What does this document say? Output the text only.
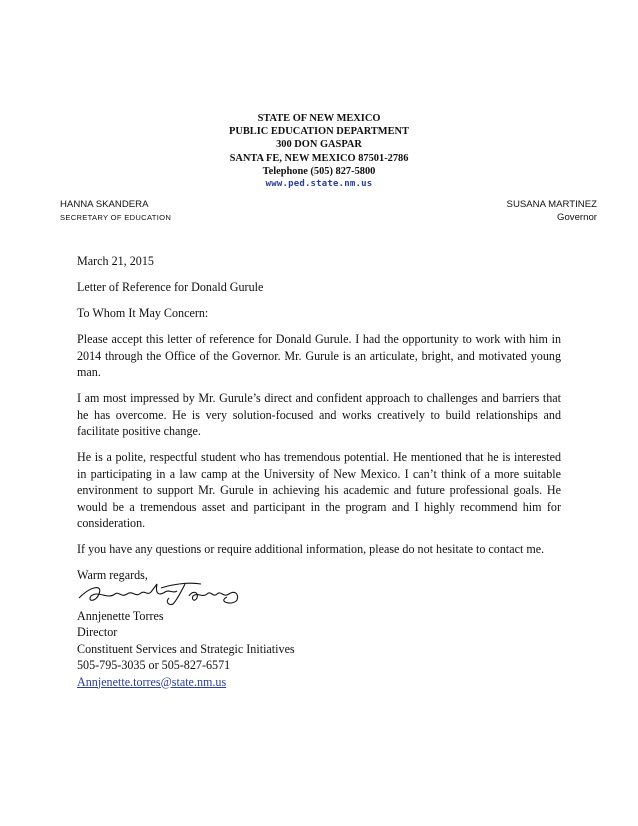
STATE OF NEW MEXICO
PUBLIC EDUCATION DEPARTMENT
300 DON GASPAR
SANTA FE, NEW MEXICO 87501-2786
Telephone (505) 827-5800
www.ped.state.nm.us
HANNA SKANDERA
SECRETARY OF EDUCATION
SUSANA MARTINEZ
Governor

March 21, 2015

Letter of Reference for Donald Gurule

To Whom It May Concern:

Please accept this letter of reference for Donald Gurule. I had the opportunity to work with him in 2014 through the Office of the Governor. Mr. Gurule is an articulate, bright, and motivated young man.

I am most impressed by Mr. Gurule’s direct and confident approach to challenges and barriers that he has overcome. He is very solution-focused and works creatively to build relationships and facilitate positive change.

He is a polite, respectful student who has tremendous potential. He mentioned that he is interested in participating in a law camp at the University of New Mexico. I can’t think of a more suitable environment to support Mr. Gurule in achieving his academic and future professional goals. He would be a tremendous asset and participant in the program and I highly recommend him for consideration.

If you have any questions or require additional information, please do not hesitate to contact me.

Warm regards,

Annjenette Torres
Director
Constituent Services and Strategic Initiatives
505-795-3035 or 505-827-6571
Annjenette.torres@state.nm.us
